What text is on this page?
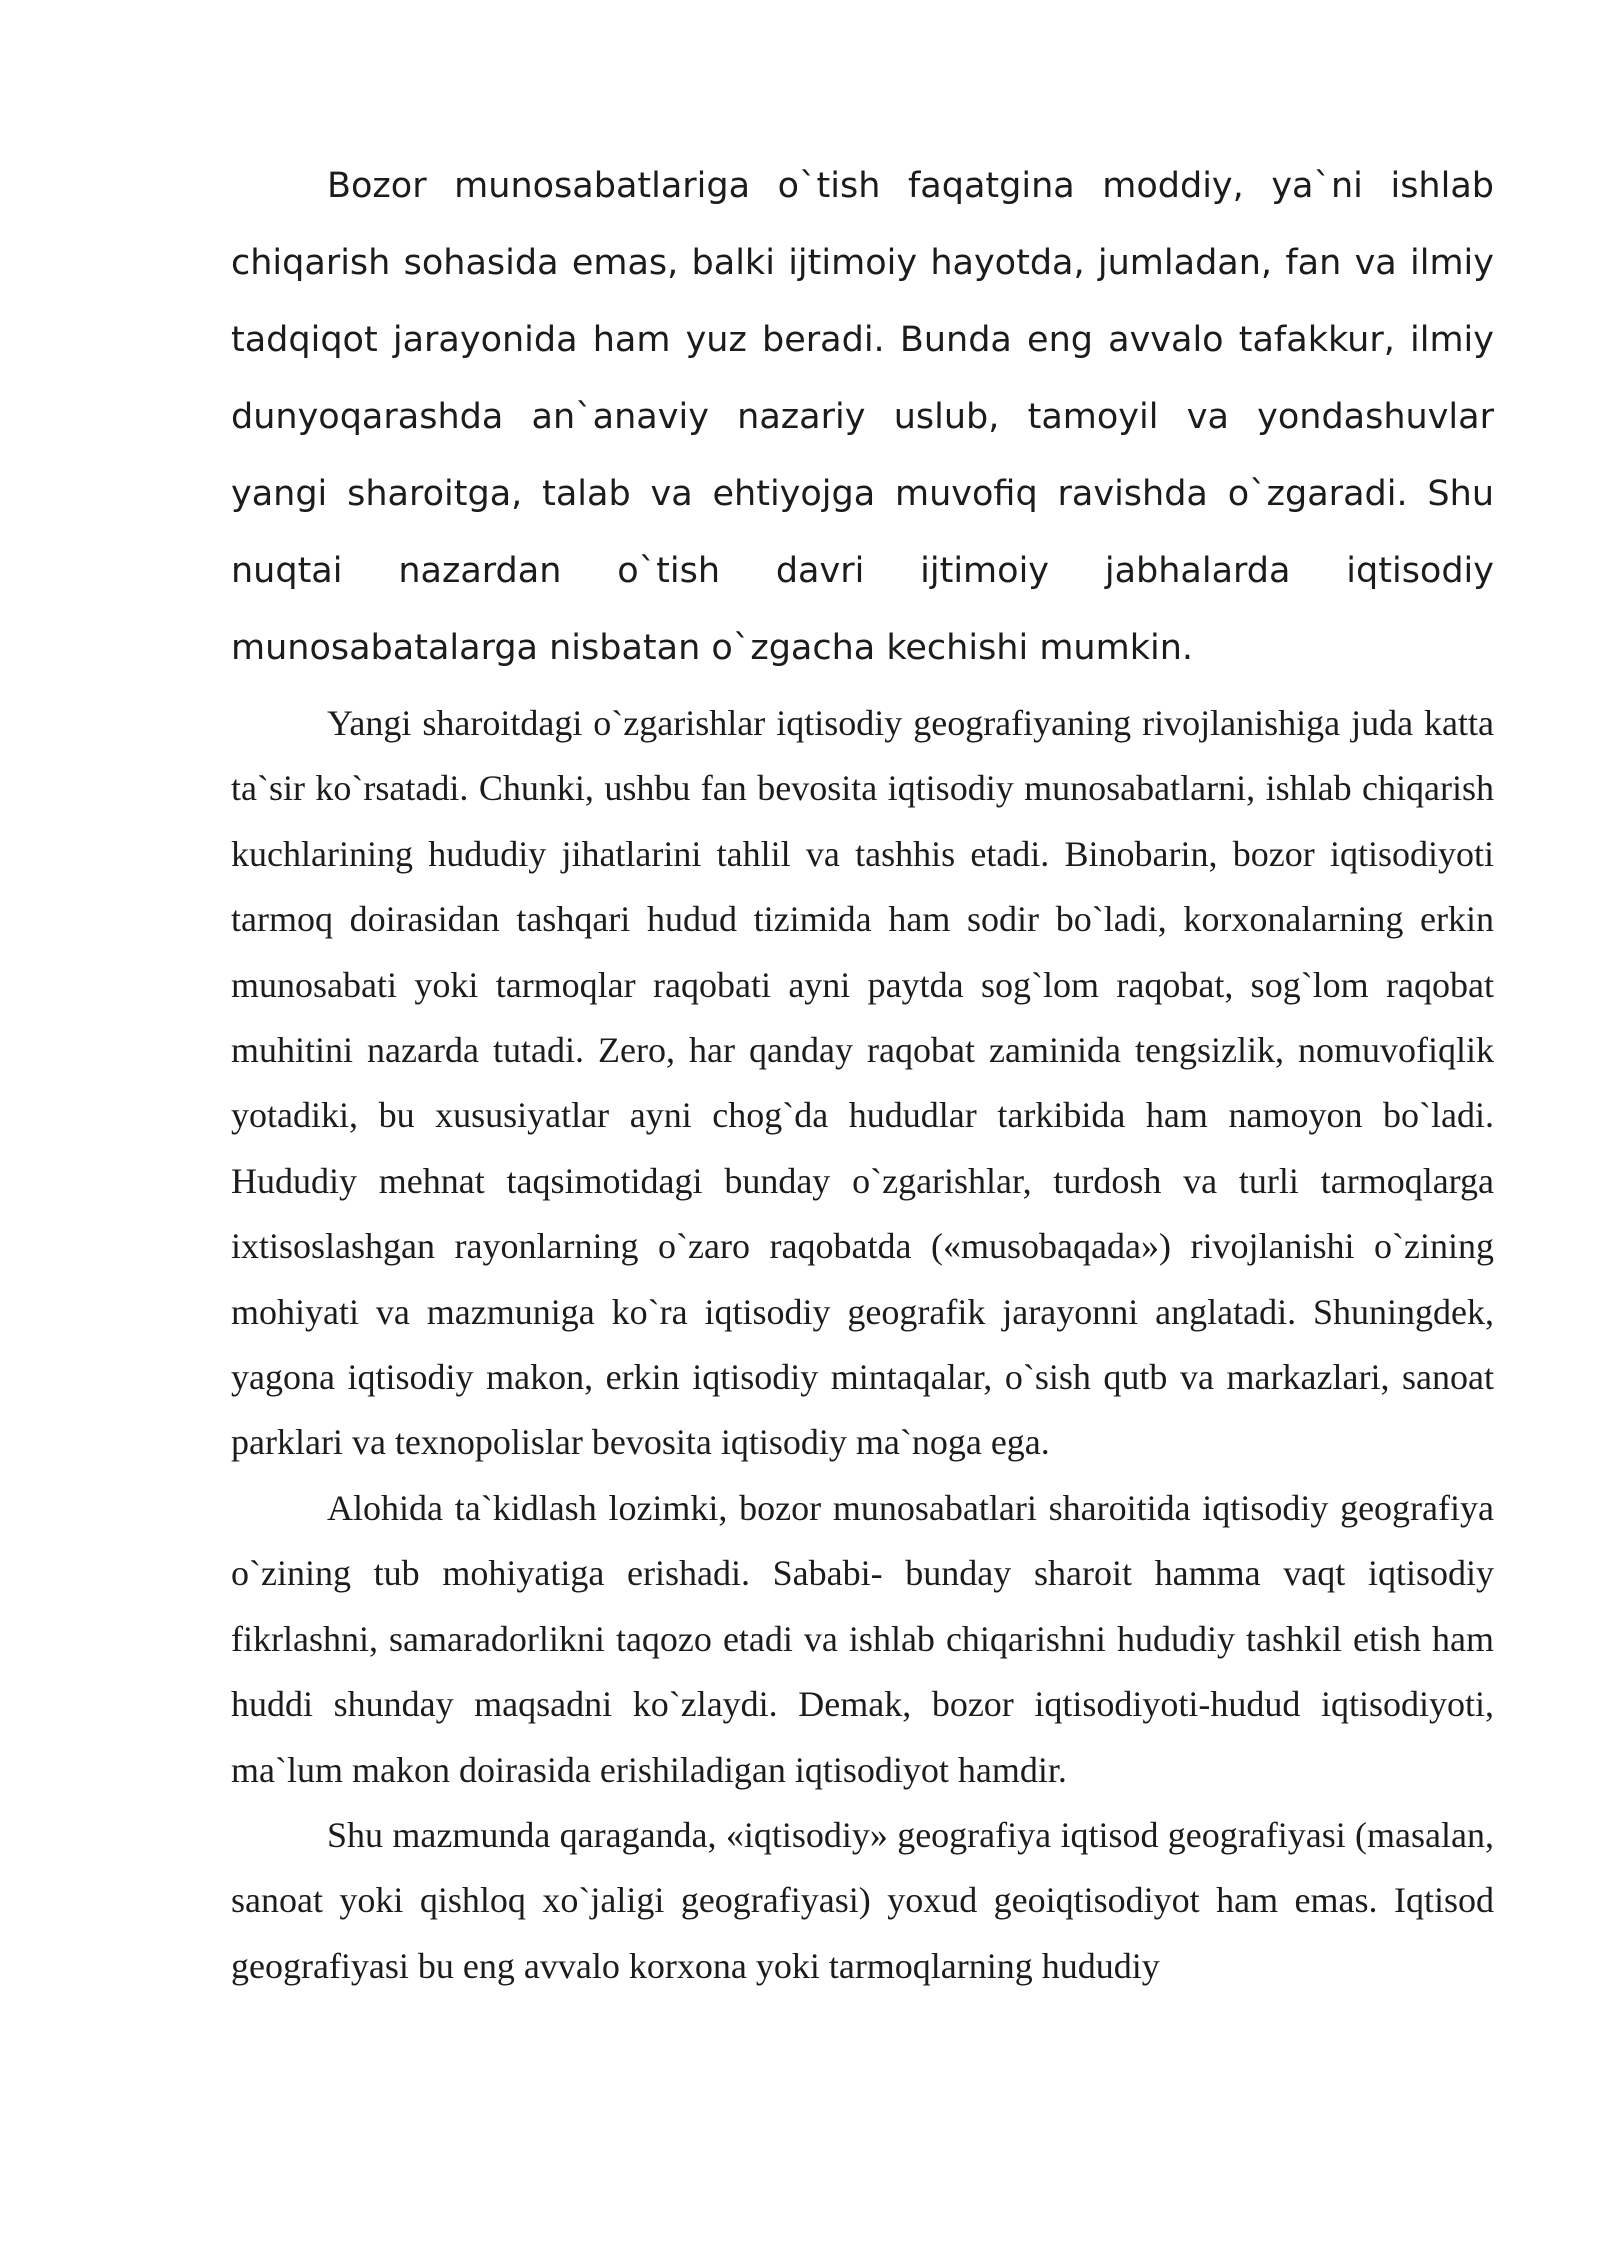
Bozor munosabatlariga o`tish faqatgina moddiy, ya`ni ishlab chiqarish sohasida emas, balki ijtimoiy hayotda, jumladan, fan va ilmiy tadqiqot jarayonida ham yuz beradi. Bunda eng avvalo tafakkur, ilmiy dunyoqarashda an`anaviy nazariy uslub, tamoyil va yondashuvlar yangi sharoitga, talab va ehtiyojga muvofiq ravishda o`zgaradi. Shu nuqtai nazardan o`tish davri ijtimoiy jabhalarda iqtisodiy munosabatalarga nisbatan o`zgacha kechishi mumkin.

Yangi sharoitdagi o`zgarishlar iqtisodiy geografiyaning rivojlanishiga juda katta ta`sir ko`rsatadi. Chunki, ushbu fan bevosita iqtisodiy munosabatlarni, ishlab chiqarish kuchlarining hududiy jihatlarini tahlil va tashhis etadi. Binobarin, bozor iqtisodiyoti tarmoq doirasidan tashqari hudud tizimida ham sodir bo`ladi, korxonalarning erkin munosabati yoki tarmoqlar raqobati ayni paytda sog`lom raqobat, sog`lom raqobat muhitini nazarda tutadi. Zero, har qanday raqobat zaminida tengsizlik, nomuvofiqlik yotadiki, bu xususiyatlar ayni chog`da hududlar tarkibida ham namoyon bo`ladi. Hududiy mehnat taqsimotidagi bunday o`zgarishlar, turdosh va turli tarmoqlarga ixtisoslashgan rayonlarning o`zaro raqobatda («musobaqada») rivojlanishi o`zining mohiyati va mazmuniga ko`ra iqtisodiy geografik jarayonni anglatadi. Shuningdek, yagona iqtisodiy makon, erkin iqtisodiy mintaqalar, o`sish qutb va markazlari, sanoat parklari va texnopolislar bevosita iqtisodiy ma`noga ega.

Alohida ta`kidlash lozimki, bozor munosabatlari sharoitida iqtisodiy geografiya o`zining tub mohiyatiga erishadi. Sababi- bunday sharoit hamma vaqt iqtisodiy fikrlashni, samaradorlikni taqozo etadi va ishlab chiqarishni hududiy tashkil etish ham huddi shunday maqsadni ko`zlaydi. Demak, bozor iqtisodiyoti-hudud iqtisodiyoti, ma`lum makon doirasida erishiladigan iqtisodiyot hamdir.

Shu mazmunda qaraganda, «iqtisodiy» geografiya iqtisod geografiyasi (masalan, sanoat yoki qishloq xo`jaligi geografiyasi) yoxud geoiqtisodiyot ham emas. Iqtisod geografiyasi bu eng avvalo korxona yoki tarmoqlarning hududiy
